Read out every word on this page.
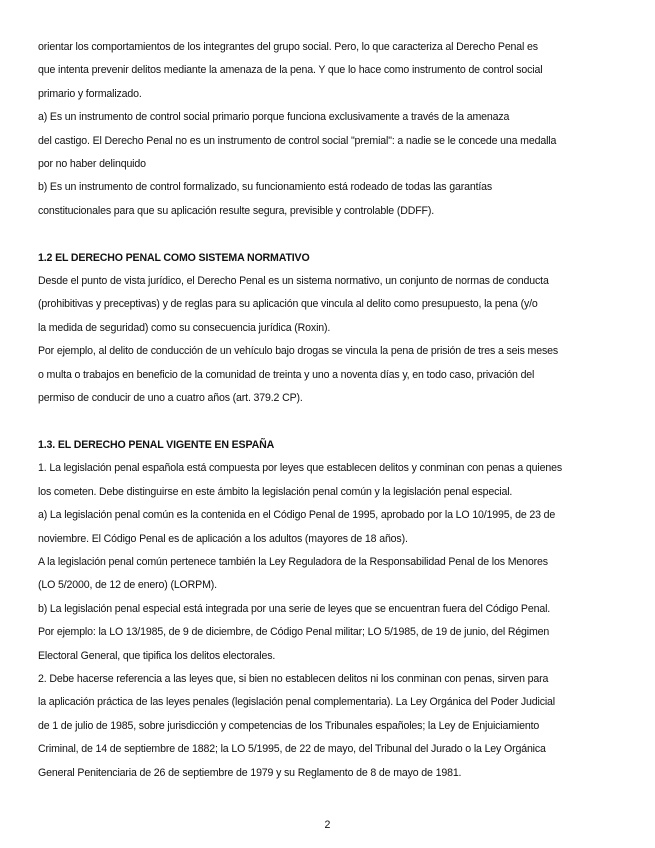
orientar los comportamientos de los integrantes del grupo social. Pero, lo que caracteriza al Derecho Penal es
que intenta prevenir delitos mediante la amenaza de la pena. Y que lo hace como instrumento de control social
primario y formalizado.
a) Es un instrumento de control social primario porque funciona exclusivamente a través de la amenaza
del castigo. El Derecho Penal no es un instrumento de control social "premial": a nadie se le concede una medalla
por no haber delinquido
b) Es un instrumento de control formalizado, su funcionamiento está rodeado de todas las garantías
constitucionales para que su aplicación resulte segura, previsible y controlable (DDFF).
1.2 EL DERECHO PENAL COMO SISTEMA NORMATIVO
Desde el punto de vista jurídico, el Derecho Penal es un sistema normativo, un conjunto de normas de conducta
(prohibitivas y preceptivas) y de reglas para su aplicación que vincula al delito como presupuesto, la pena (y/o
la medida de seguridad) como su consecuencia jurídica (Roxin).
Por ejemplo, al delito de conducción de un vehículo bajo drogas se vincula la pena de prisión de tres a seis meses
o multa o trabajos en beneficio de la comunidad de treinta y uno a noventa días y, en todo caso, privación del
permiso de conducir de uno a cuatro años (art. 379.2 CP).
1.3. EL DERECHO PENAL VIGENTE EN ESPAÑA
1. La legislación penal española está compuesta por leyes que establecen delitos y conminan con penas a quienes
los cometen. Debe distinguirse en este ámbito la legislación penal común y la legislación penal especial.
a) La legislación penal común es la contenida en el Código Penal de 1995, aprobado por la LO 10/1995, de 23 de
noviembre. El Código Penal es de aplicación a los adultos (mayores de 18 años).
A la legislación penal común pertenece también la Ley Reguladora de la Responsabilidad Penal de los Menores
(LO 5/2000, de 12 de enero) (LORPM).
b) La legislación penal especial está integrada por una serie de leyes que se encuentran fuera del Código Penal.
Por ejemplo: la LO 13/1985, de 9 de diciembre, de Código Penal militar; LO 5/1985, de 19 de junio, del Régimen
Electoral General, que tipifica los delitos electorales.
2. Debe hacerse referencia a las leyes que, si bien no establecen delitos ni los conminan con penas, sirven para
la aplicación práctica de las leyes penales (legislación penal complementaria). La Ley Orgánica del Poder Judicial
de 1 de julio de 1985, sobre jurisdicción y competencias de los Tribunales españoles; la Ley de Enjuiciamiento
Criminal, de 14 de septiembre de 1882; la LO 5/1995, de 22 de mayo, del Tribunal del Jurado o la Ley Orgánica
General Penitenciaria de 26 de septiembre de 1979 y su Reglamento de 8 de mayo de 1981.
2
